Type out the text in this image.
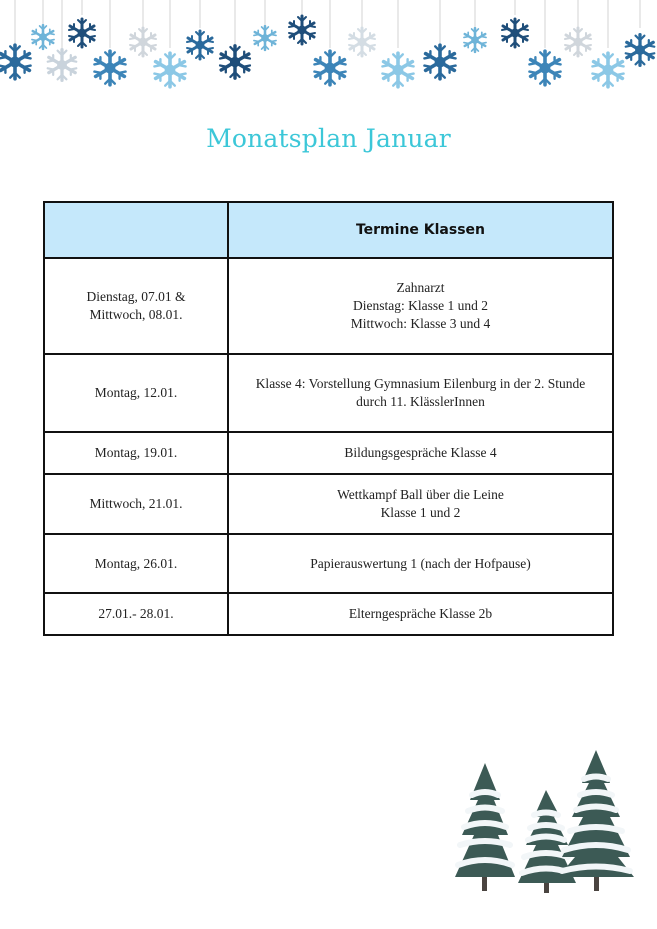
Monatsplan Januar
	Termine Klassen

Dienstag, 07.01 &
Mittwoch, 08.01.	Zahnarzt
Dienstag: Klasse 1 und 2
Mittwoch: Klasse 3 und 4

Montag, 12.01.	Klasse 4: Vorstellung Gymnasium Eilenburg in der 2. Stunde
durch 11. KlässlerInnen

Montag, 19.01.	Bildungsgespräche Klasse 4

Mittwoch, 21.01.	Wettkampf Ball über die Leine
Klasse 1 und 2

Montag, 26.01.	Papierauswertung 1 (nach der Hofpause)

27.01.- 28.01.	Elterngespräche Klasse 2b
